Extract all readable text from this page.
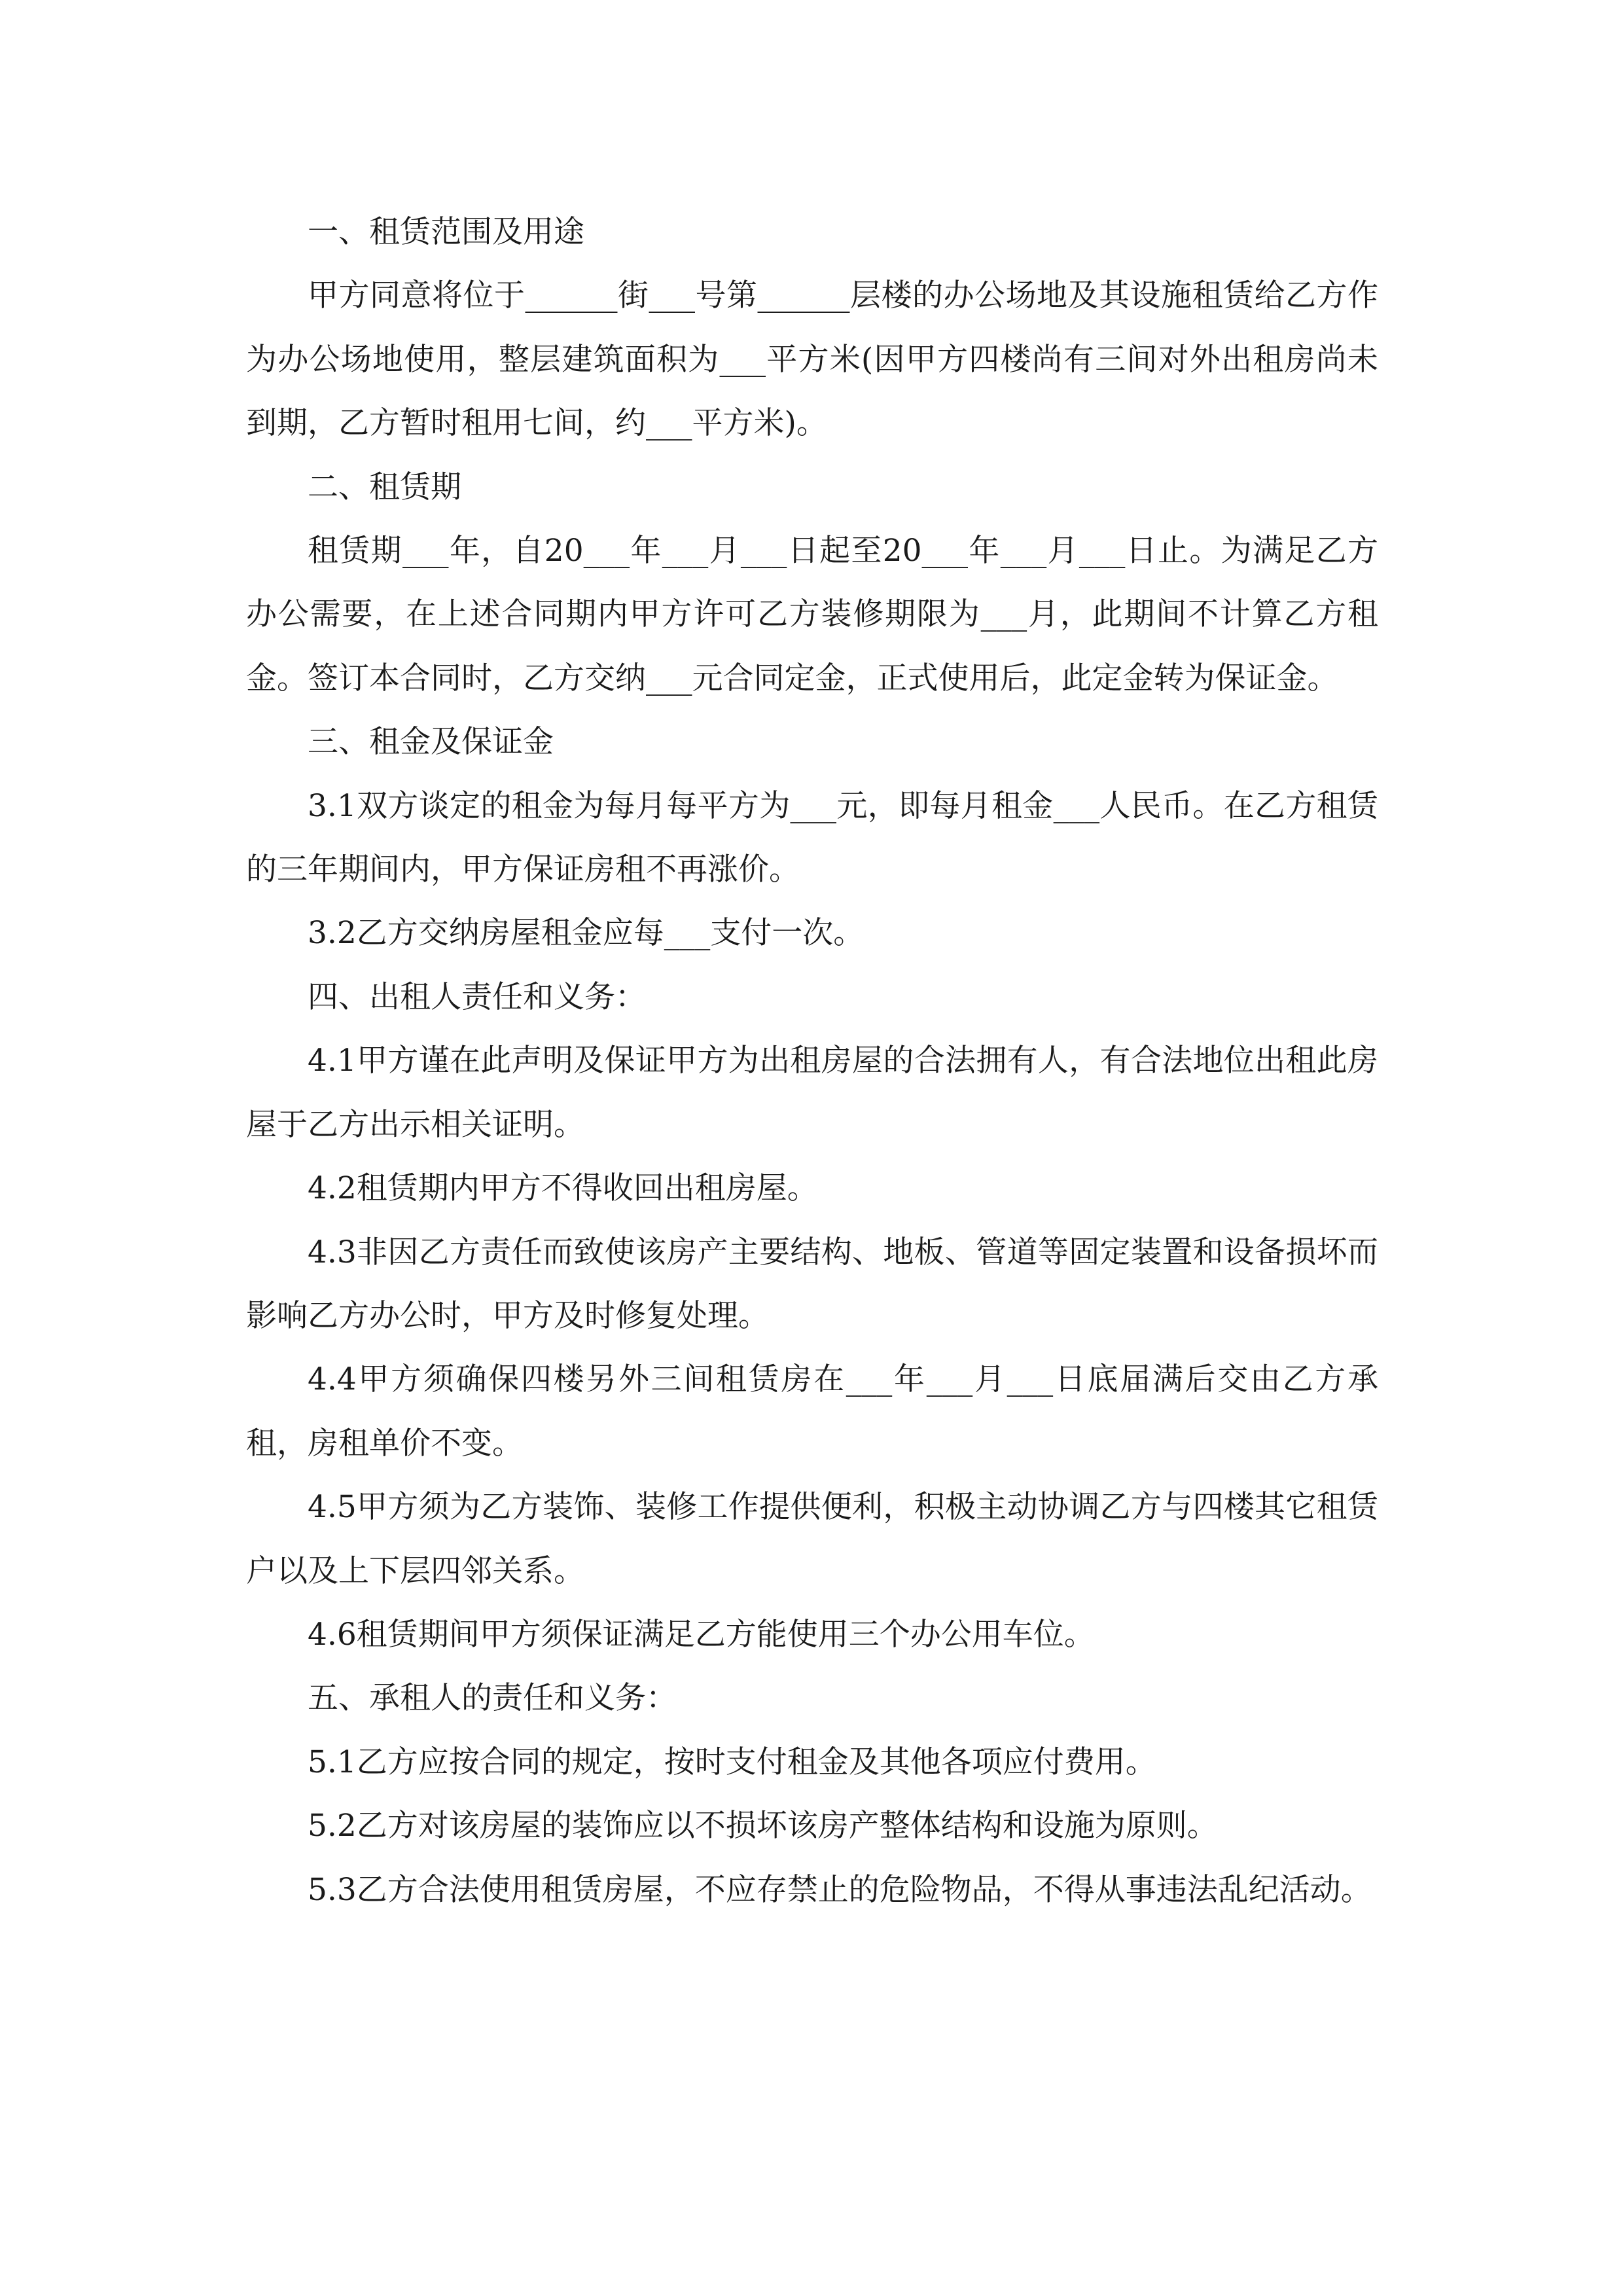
一、租赁范围及用途

甲方同意将位于______街___号第______层楼的办公场地及其设施租赁给乙方作为办公场地使用，整层建筑面积为___平方米(因甲方四楼尚有三间对外出租房尚未到期，乙方暂时租用七间，约___平方米)。

二、租赁期

租赁期___年，自20___年___月___日起至20___年___月___日止。为满足乙方办公需要，在上述合同期内甲方许可乙方装修期限为___月，此期间不计算乙方租金。签订本合同时，乙方交纳___元合同定金，正式使用后，此定金转为保证金。

三、租金及保证金

3.1双方谈定的租金为每月每平方为___元，即每月租金___人民币。在乙方租赁的三年期间内，甲方保证房租不再涨价。

3.2乙方交纳房屋租金应每___支付一次。

四、出租人责任和义务：

4.1甲方谨在此声明及保证甲方为出租房屋的合法拥有人，有合法地位出租此房屋于乙方出示相关证明。

4.2租赁期内甲方不得收回出租房屋。

4.3非因乙方责任而致使该房产主要结构、地板、管道等固定装置和设备损坏而影响乙方办公时，甲方及时修复处理。

4.4甲方须确保四楼另外三间租赁房在___年___月___日底届满后交由乙方承租，房租单价不变。

4.5甲方须为乙方装饰、装修工作提供便利，积极主动协调乙方与四楼其它租赁户以及上下层四邻关系。

4.6租赁期间甲方须保证满足乙方能使用三个办公用车位。

五、承租人的责任和义务：

5.1乙方应按合同的规定，按时支付租金及其他各项应付费用。

5.2乙方对该房屋的装饰应以不损坏该房产整体结构和设施为原则。

5.3乙方合法使用租赁房屋，不应存禁止的危险物品，不得从事违法乱纪活动。
